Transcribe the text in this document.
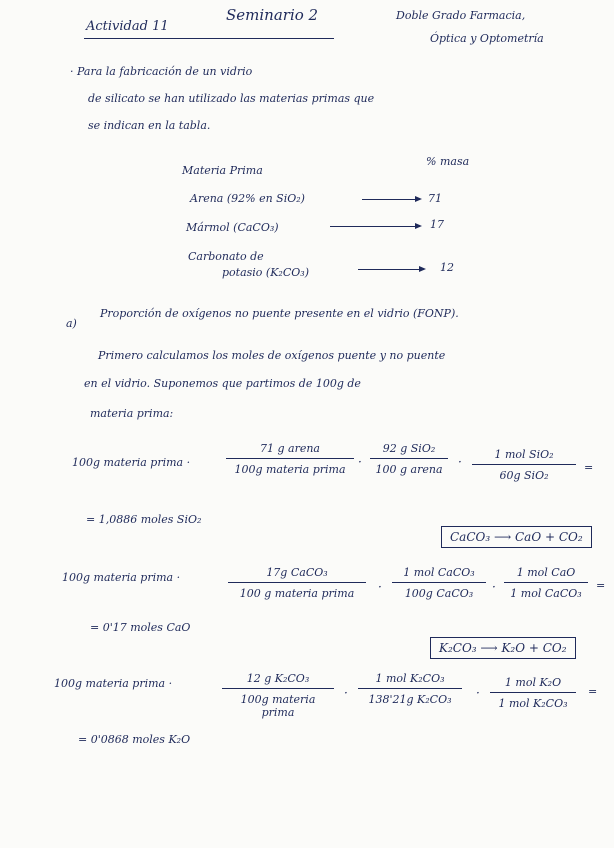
Actividad 11
Seminario 2	Doble Grado Farmacia,
Óptica y Optometría
· Para la fabricación de un vidrio
de silicato se han utilizado las materias primas que
se indican en la tabla.
Materia Prima
% masa
Arena (92% en SiO₂)	71
Mármol (CaCO₃)	17
Carbonato de
potasio (K₂CO₃)	12
a)
Proporción de oxígenos no puente presente en el vidrio (FONP).
Primero calculamos los moles de oxígenos puente y no puente
en el vidrio. Suponemos que partimos de 100g de
materia prima:
100g materia prima ·
71 g arena
100g materia prima
·
92 g SiO₂
100 g arena
·
1 mol SiO₂
60g SiO₂
=
= 1,0886 moles SiO₂
CaCO₃ ⟶ CaO + CO₂
100g materia prima ·	17g CaCO₃
100 g materia prima	·
1 mol CaCO₃
100g CaCO₃	·
1 mol CaO
1 mol CaCO₃
=
= 0'17 moles CaO
K₂CO₃ ⟶ K₂O + CO₂
100g materia prima ·	12 g K₂CO₃
100g materia prima
·
1 mol K₂CO₃
138'21g K₂CO₃	·
1 mol K₂O
1 mol K₂CO₃
=
= 0'0868 moles K₂O
